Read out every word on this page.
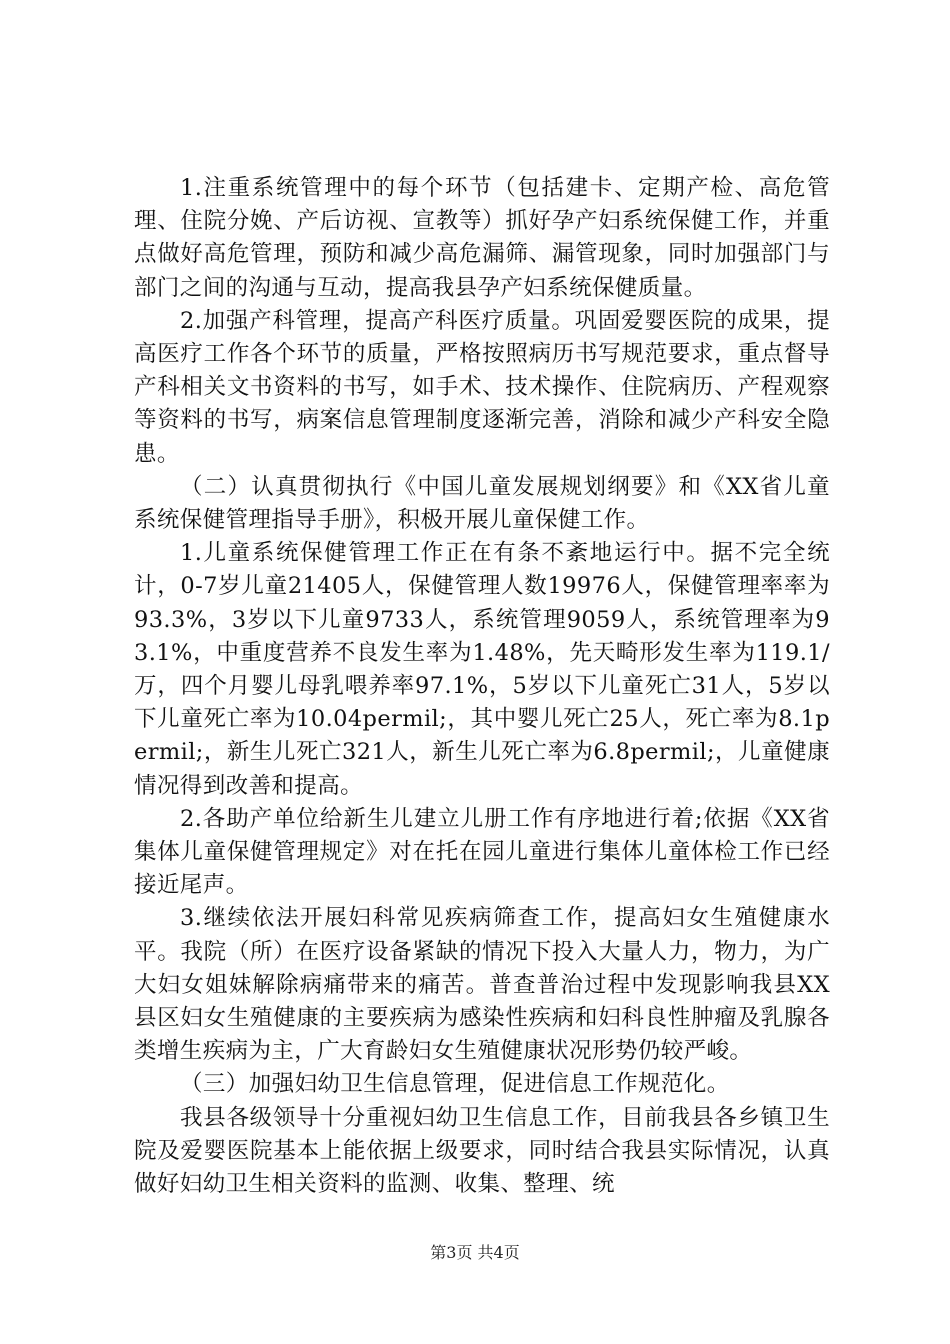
1.注重系统管理中的每个环节（包括建卡、定期产检、高危管理、住院分娩、产后访视、宣教等）抓好孕产妇系统保健工作，并重点做好高危管理，预防和减少高危漏筛、漏管现象，同时加强部门与部门之间的沟通与互动，提高我县孕产妇系统保健质量。

2.加强产科管理，提高产科医疗质量。巩固爱婴医院的成果，提高医疗工作各个环节的质量，严格按照病历书写规范要求，重点督导产科相关文书资料的书写，如手术、技术操作、住院病历、产程观察等资料的书写，病案信息管理制度逐渐完善，消除和减少产科安全隐患。

（二）认真贯彻执行《中国儿童发展规划纲要》和《XX省儿童系统保健管理指导手册》，积极开展儿童保健工作。

1.儿童系统保健管理工作正在有条不紊地运行中。据不完全统计，0-7岁儿童21405人，保健管理人数19976人，保健管理率率为93.3%，3岁以下儿童9733人，系统管理9059人，系统管理率为93.1%，中重度营养不良发生率为1.48%，先天畸形发生率为119.1/万，四个月婴儿母乳喂养率97.1%，5岁以下儿童死亡31人，5岁以下儿童死亡率为10.04permil;，其中婴儿死亡25人，死亡率为8.1permil;，新生儿死亡321人，新生儿死亡率为6.8permil;，儿童健康情况得到改善和提高。

2.各助产单位给新生儿建立儿册工作有序地进行着;依据《XX省集体儿童保健管理规定》对在托在园儿童进行集体儿童体检工作已经接近尾声。

3.继续依法开展妇科常见疾病筛查工作，提高妇女生殖健康水平。我院（所）在医疗设备紧缺的情况下投入大量人力，物力，为广大妇女姐妹解除病痛带来的痛苦。普查普治过程中发现影响我县XX县区妇女生殖健康的主要疾病为感染性疾病和妇科良性肿瘤及乳腺各类增生疾病为主，广大育龄妇女生殖健康状况形势仍较严峻。

（三）加强妇幼卫生信息管理，促进信息工作规范化。

我县各级领导十分重视妇幼卫生信息工作，目前我县各乡镇卫生院及爱婴医院基本上能依据上级要求，同时结合我县实际情况，认真做好妇幼卫生相关资料的监测、收集、整理、统

第3页 共4页
